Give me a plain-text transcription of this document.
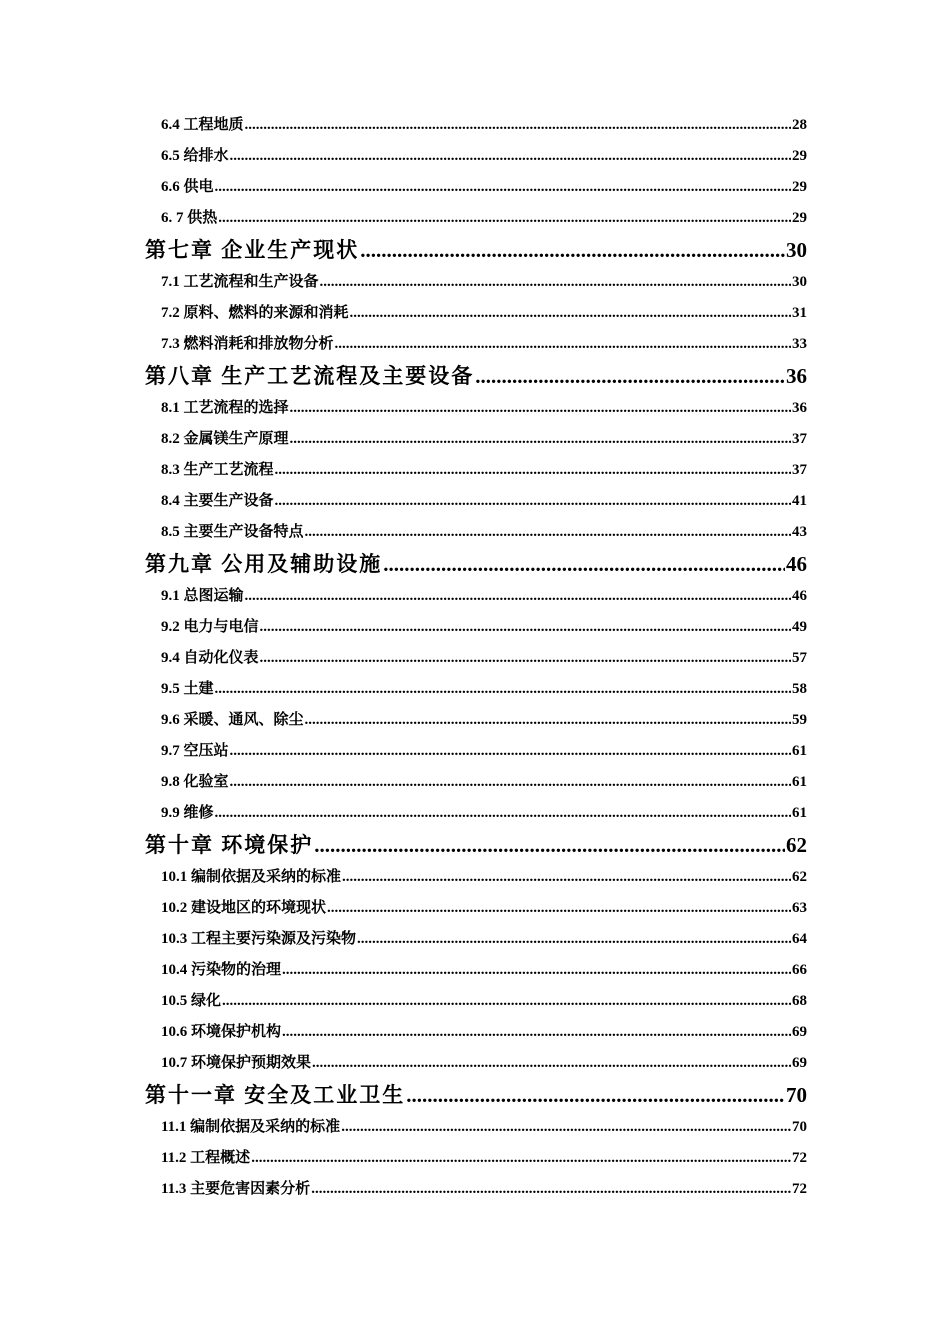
6.4 工程地质 .....	28
6.5 给排水 .....	29
6.6 供电 .....	29
6. 7 供热 .....	29
第七章 企业生产现状 .....	30
7.1 工艺流程和生产设备 .....	30
7.2 原料、燃料的来源和消耗 .....	31
7.3 燃料消耗和排放物分析 .....	33
第八章 生产工艺流程及主要设备 .....	36
8.1 工艺流程的选择 .....	36
8.2 金属镁生产原理 .....	37
8.3 生产工艺流程 .....	37
8.4 主要生产设备 .....	41
8.5 主要生产设备特点 .....	43
第九章 公用及辅助设施 .....	46
9.1 总图运输 .....	46
9.2 电力与电信 .....	49
9.4 自动化仪表 .....	57
9.5 土建 .....	58
9.6 采暖、通风、除尘 .....	59
9.7 空压站 .....	61
9.8 化验室 .....	61
9.9 维修 .....	61
第十章 环境保护 .....	62
10.1 编制依据及采纳的标准 .....	62
10.2 建设地区的环境现状 .....	63
10.3 工程主要污染源及污染物 .....	64
10.4 污染物的治理 .....	66
10.5 绿化 .....	68
10.6 环境保护机构 .....	69
10.7 环境保护预期效果 .....	69
第十一章 安全及工业卫生 .....	70
11.1 编制依据及采纳的标准 .....	70
11.2 工程概述 .....	72
11.3 主要危害因素分析 .....	72
